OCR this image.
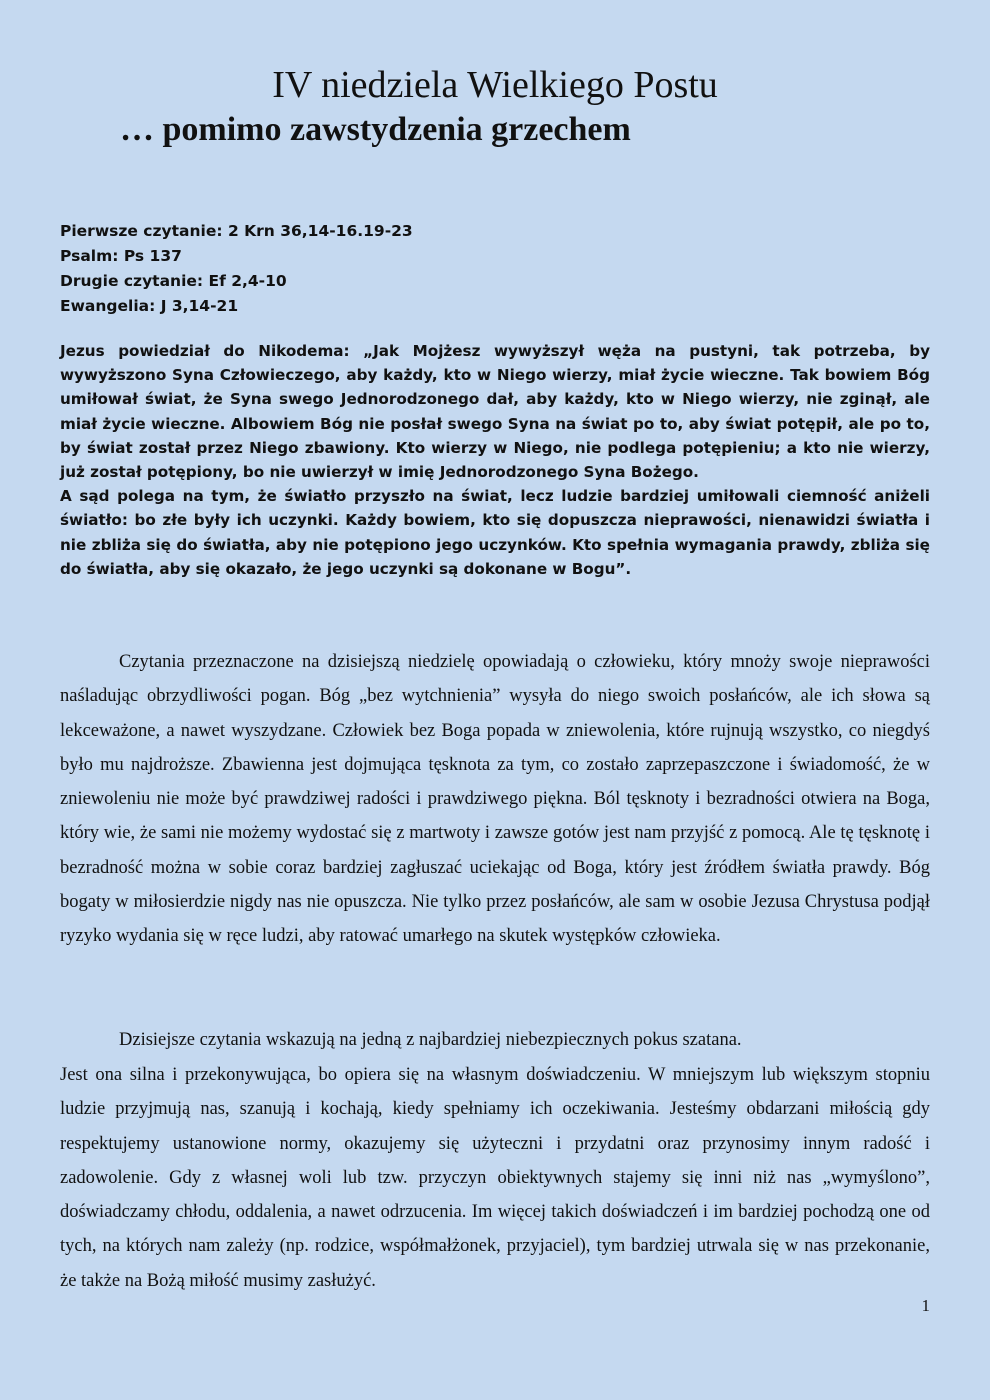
IV niedziela Wielkiego Postu
… pomimo zawstydzenia grzechem
Pierwsze czytanie: 2 Krn 36,14-16.19-23
Psalm: Ps 137
Drugie czytanie: Ef 2,4-10
Ewangelia: J 3,14-21

Jezus powiedział do Nikodema: „Jak Mojżesz wywyższył węża na pustyni, tak potrzeba, by wywyższono Syna Człowieczego, aby każdy, kto w Niego wierzy, miał życie wieczne. Tak bowiem Bóg umiłował świat, że Syna swego Jednorodzonego dał, aby każdy, kto w Niego wierzy, nie zginął, ale miał życie wieczne. Albowiem Bóg nie posłał swego Syna na świat po to, aby świat potępił, ale po to, by świat został przez Niego zbawiony. Kto wierzy w Niego, nie podlega potępieniu; a kto nie wierzy, już został potępiony, bo nie uwierzył w imię Jednorodzonego Syna Bożego.

A sąd polega na tym, że światło przyszło na świat, lecz ludzie bardziej umiłowali ciemność aniżeli światło: bo złe były ich uczynki. Każdy bowiem, kto się dopuszcza nieprawości, nienawidzi światła i nie zbliża się do światła, aby nie potępiono jego uczynków. Kto spełnia wymagania prawdy, zbliża się do światła, aby się okazało, że jego uczynki są dokonane w Bogu”.

Czytania przeznaczone na dzisiejszą niedzielę opowiadają o człowieku, który mnoży swoje nieprawości naśladując obrzydliwości pogan. Bóg „bez wytchnienia” wysyła do niego swoich posłańców, ale ich słowa są lekceważone, a nawet wyszydzane. Człowiek bez Boga popada w zniewolenia, które rujnują wszystko, co niegdyś było mu najdroższe. Zbawienna jest dojmująca tęsknota za tym, co zostało zaprzepaszczone i świadomość, że w zniewoleniu nie może być prawdziwej radości i prawdziwego piękna. Ból tęsknoty i bezradności otwiera na Boga, który wie, że sami nie możemy wydostać się z martwoty i zawsze gotów jest nam przyjść z pomocą. Ale tę tęsknotę i bezradność można w sobie coraz bardziej zagłuszać uciekając od Boga, który jest źródłem światła prawdy. Bóg bogaty w miłosierdzie nigdy nas nie opuszcza. Nie tylko przez posłańców, ale sam w osobie Jezusa Chrystusa podjął ryzyko wydania się w ręce ludzi, aby ratować umarłego na skutek występków człowieka.

Dzisiejsze czytania wskazują na jedną z najbardziej niebezpiecznych pokus szatana.

Jest ona silna i przekonywująca, bo opiera się na własnym doświadczeniu. W mniejszym lub większym stopniu ludzie przyjmują nas, szanują i kochają, kiedy spełniamy ich oczekiwania. Jesteśmy obdarzani miłością gdy respektujemy ustanowione normy, okazujemy się użyteczni i przydatni oraz przynosimy innym radość i zadowolenie. Gdy z własnej woli lub tzw. przyczyn obiektywnych stajemy się inni niż nas „wymyślono”, doświadczamy chłodu, oddalenia, a nawet odrzucenia. Im więcej takich doświadczeń i im bardziej pochodzą one od tych, na których nam zależy (np. rodzice, współmałżonek, przyjaciel), tym bardziej utrwala się w nas przekonanie, że także na Bożą miłość musimy zasłużyć.

1
